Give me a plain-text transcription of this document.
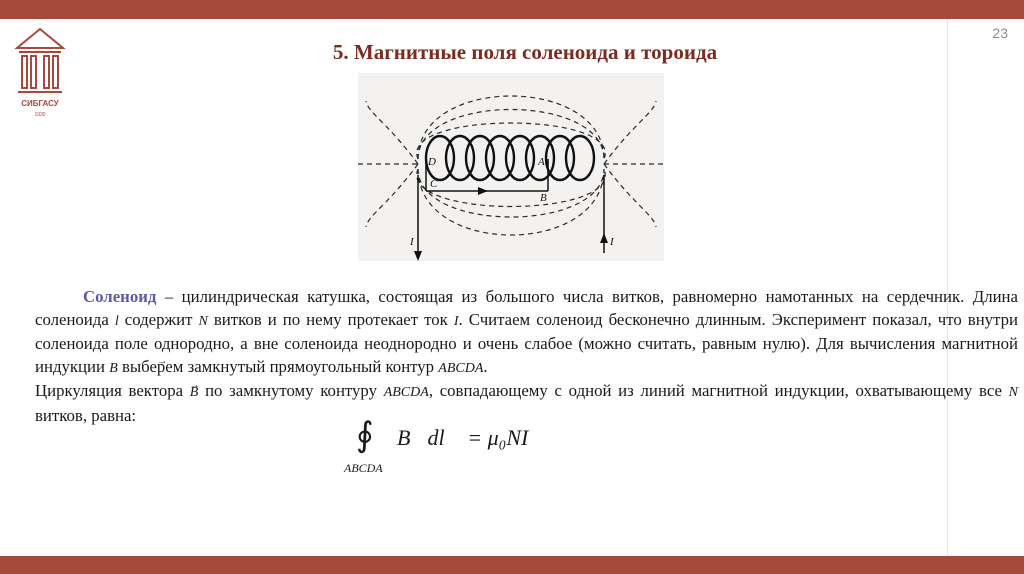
23
СИБГАСУ
1930
5. Магнитные поля соленоида и тороида
D	A
C
B
I	I

Соленоид – цилиндрическая катушка, состоящая из большого числа витков, равномерно намотанных на сердечник. Длина соленоида l содержит N витков и по нему протекает ток I. Считаем соленоид бесконечно длинным. Эксперимент показал, что внутри соленоида поле однородно, а вне соленоида неоднородно и очень слабое (можно считать, равным нулю). Для вычисления магнитной индукции → B выберем замкнутый прямоугольный контур ABCDA.

Циркуляция вектора → B по замкнутому контуру ABCDA, совпадающему с одной из линий магнитной индукции, охватывающему все N витков, равна:

∮ B⃗dl⃗ = μ₀NI
ABCDA
